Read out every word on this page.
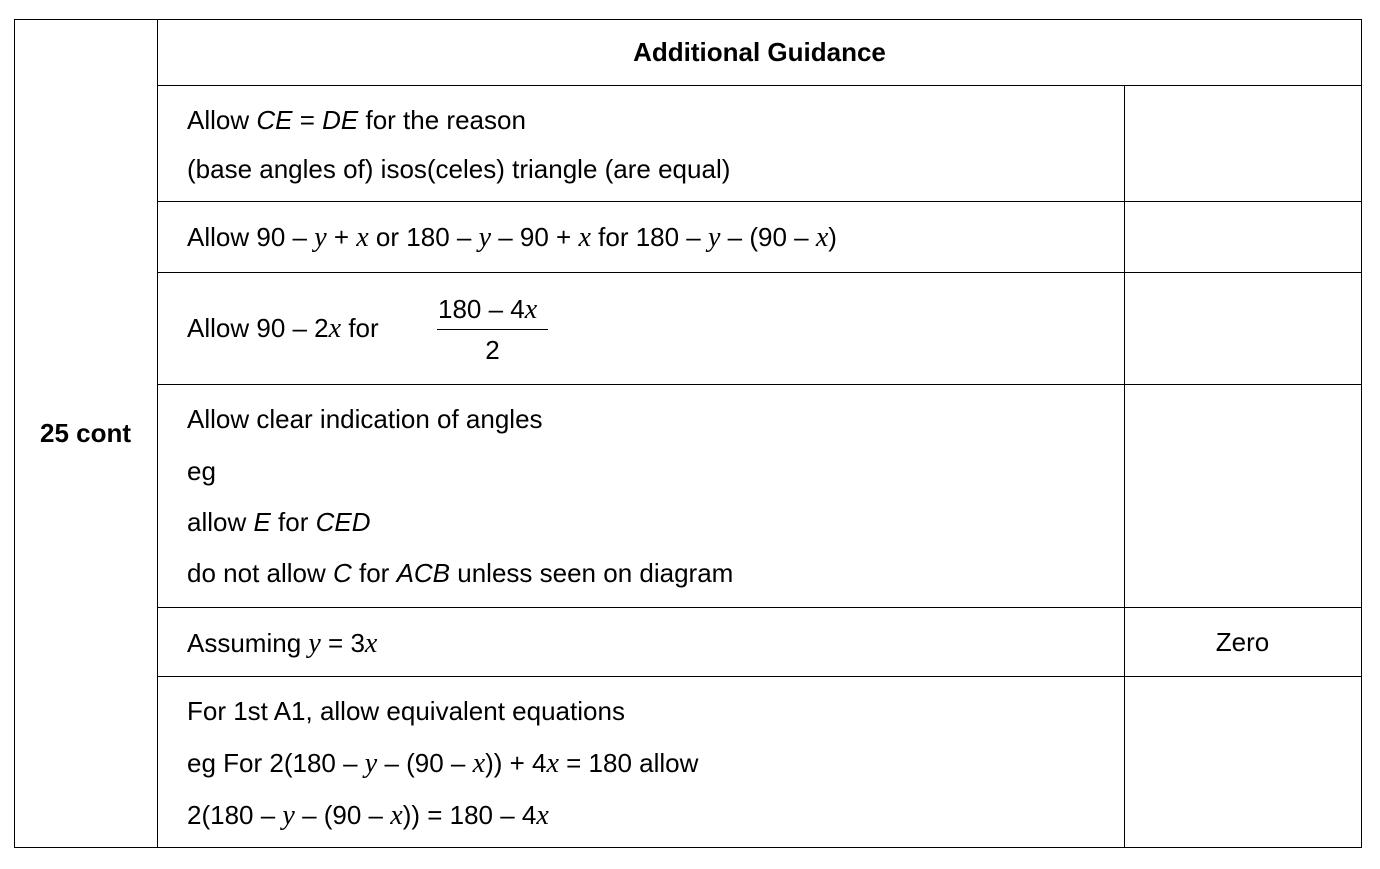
25 cont
Additional Guidance
Allow CE = DE for the reason
(base angles of) isos(celes) triangle (are equal)
Allow 90 – y + x or 180 – y – 90 + x for 180 – y – (90 – x)
Allow 90 – 2x for
180 – 4x
2
Allow clear indication of angles
eg
allow E for CED
do not allow C for ACB unless seen on diagram
Assuming y = 3x	Zero
For 1st A1, allow equivalent equations
eg For 2(180 – y – (90 – x)) + 4x = 180 allow
2(180 – y – (90 – x)) = 180 – 4x
